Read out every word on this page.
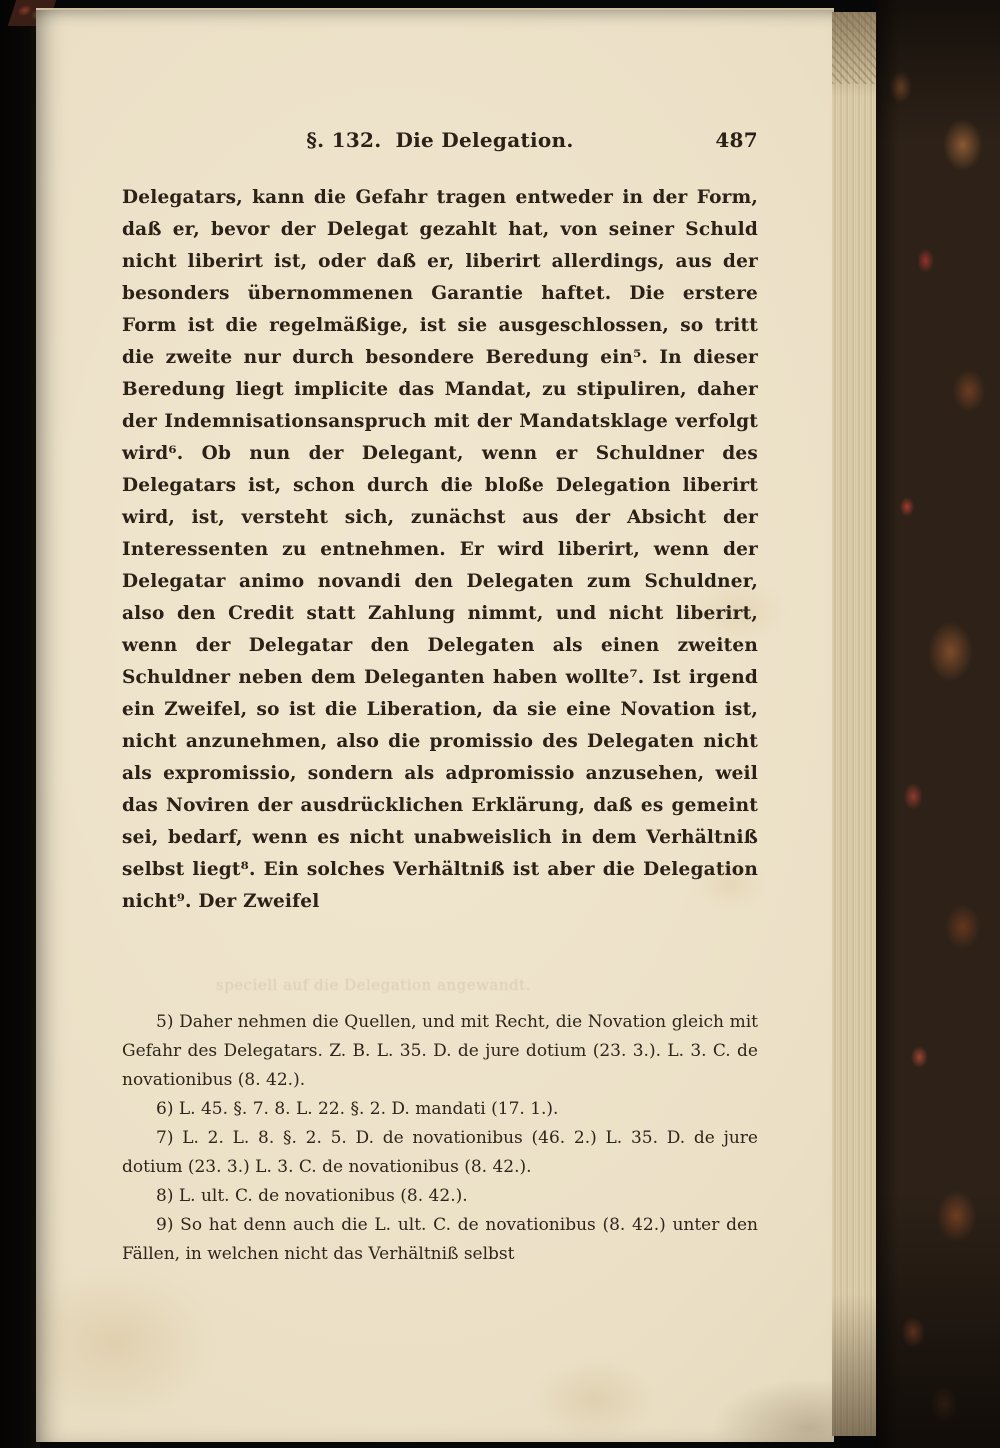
§. 132. Die Delegation.	487

Delegatars, kann die Gefahr tragen entweder in der Form, daß er, bevor der Delegat gezahlt hat, von seiner Schuld nicht liberirt ist, oder daß er, liberirt allerdings, aus der besonders übernommenen Garantie haftet. Die erstere Form ist die regelmäßige, ist sie ausgeschlossen, so tritt die zweite nur durch besondere Beredung ein⁵. In dieser Beredung liegt implicite das Mandat, zu stipuliren, daher der Indemnisationsanspruch mit der Mandatsklage verfolgt wird⁶. Ob nun der Delegant, wenn er Schuldner des Delegatars ist, schon durch die bloße Delegation liberirt wird, ist, versteht sich, zunächst aus der Absicht der Interessenten zu entnehmen. Er wird liberirt, wenn der Delegatar animo novandi den Delegaten zum Schuldner, also den Credit statt Zahlung nimmt, und nicht liberirt, wenn der Delegatar den Delegaten als einen zweiten Schuldner neben dem Deleganten haben wollte⁷. Ist irgend ein Zweifel, so ist die Liberation, da sie eine Novation ist, nicht anzunehmen, also die promissio des Delegaten nicht als expromissio, sondern als adpromissio anzusehen, weil das Noviren der ausdrücklichen Erklärung, daß es gemeint sei, bedarf, wenn es nicht unabweislich in dem Verhältniß selbst liegt⁸. Ein solches Verhältniß ist aber die Delegation nicht⁹. Der Zweifel

speciell auf die Delegation angewandt.

5) Daher nehmen die Quellen, und mit Recht, die Novation gleich mit Gefahr des Delegatars. Z. B. L. 35. D. de jure dotium (23. 3.). L. 3. C. de novationibus (8. 42.).

6) L. 45. §. 7. 8. L. 22. §. 2. D. mandati (17. 1.).

7) L. 2. L. 8. §. 2. 5. D. de novationibus (46. 2.) L. 35. D. de jure dotium (23. 3.) L. 3. C. de novationibus (8. 42.).

8) L. ult. C. de novationibus (8. 42.).

9) So hat denn auch die L. ult. C. de novationibus (8. 42.) unter den Fällen, in welchen nicht das Verhältniß selbst
